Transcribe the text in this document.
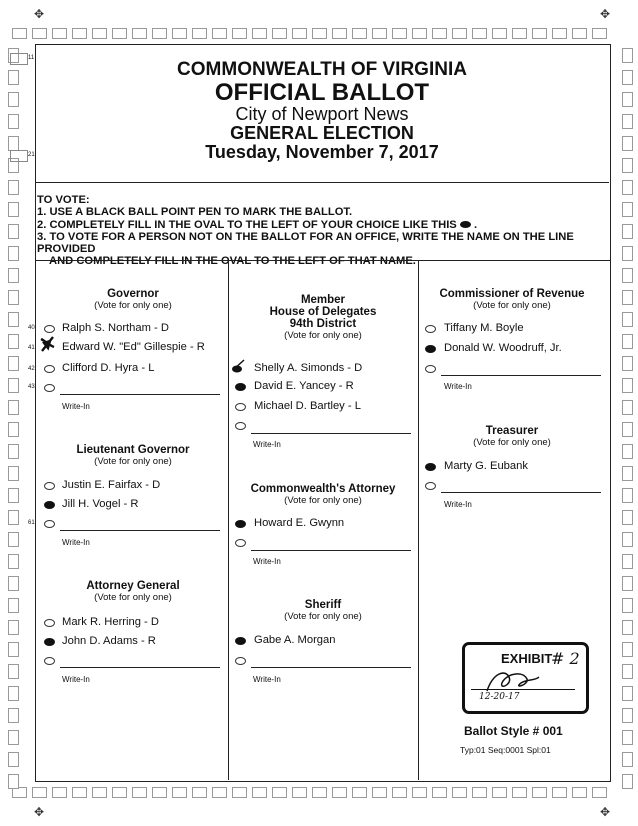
✥	✥
✥	✥
COMMONWEALTH OF VIRGINIA
OFFICIAL BALLOT
City of Newport News
GENERAL ELECTION
Tuesday, November 7, 2017
TO VOTE:
1. USE A BLACK BALL POINT PEN TO MARK THE BALLOT.
2. COMPLETELY FILL IN THE OVAL TO THE LEFT OF YOUR CHOICE LIKE THIS  .
3. TO VOTE FOR A PERSON NOT ON THE BALLOT FOR AN OFFICE, WRITE THE NAME ON THE LINE PROVIDED
AND COMPLETELY FILL IN THE OVAL TO THE LEFT OF THAT NAME.
11
21
40
41
42
43
61
Governor
(Vote for only one)
Ralph S. Northam - D
Edward W. "Ed" Gillespie - R
Clifford D. Hyra - L
Write-In
Lieutenant Governor
(Vote for only one)
Justin E. Fairfax - D
Jill H. Vogel - R
Write-In
Attorney General
(Vote for only one)
Mark R. Herring - D
John D. Adams - R
Write-In
Member
House of Delegates
94th District
(Vote for only one)
Shelly A. Simonds - D
David E. Yancey - R
Michael D. Bartley - L
Write-In
Commonwealth's Attorney
(Vote for only one)
Howard E. Gwynn
Write-In
Sheriff
(Vote for only one)
Gabe A. Morgan
Write-In
Commissioner of Revenue
(Vote for only one)
Tiffany M. Boyle
Donald W. Woodruff, Jr.
Write-In
Treasurer
(Vote for only one)
Marty G. Eubank
Write-In
EXHIBIT
# 2
12-20-17
Ballot Style # 001
Typ:01 Seq:0001 Spl:01
